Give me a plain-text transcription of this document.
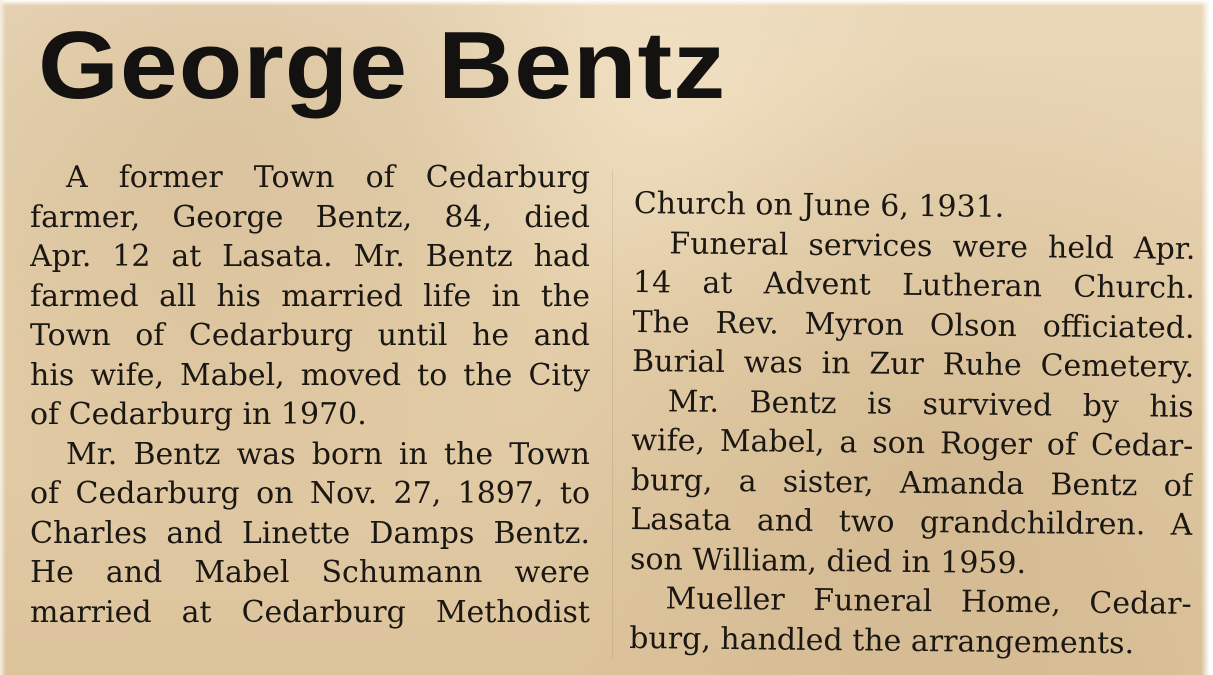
George Bentz
A former Town of Cedarburg
farmer, George Bentz, 84, died
Apr. 12 at Lasata. Mr. Bentz had
farmed all his married life in the
Town of Cedarburg until he and
his wife, Mabel, moved to the City
of Cedarburg in 1970.
Mr. Bentz was born in the Town
of Cedarburg on Nov. 27, 1897, to
Charles and Linette Damps Bentz.
He and Mabel Schumann were
married at Cedarburg Methodist
Church on June 6, 1931.
Funeral services were held Apr.
14 at Advent Lutheran Church.
The Rev. Myron Olson officiated.
Burial was in Zur Ruhe Cemetery.
Mr. Bentz is survived by his
wife, Mabel, a son Roger of Cedar-
burg, a sister, Amanda Bentz of
Lasata and two grandchildren. A
son William, died in 1959.
Mueller Funeral Home, Cedar-
burg, handled the arrangements.
